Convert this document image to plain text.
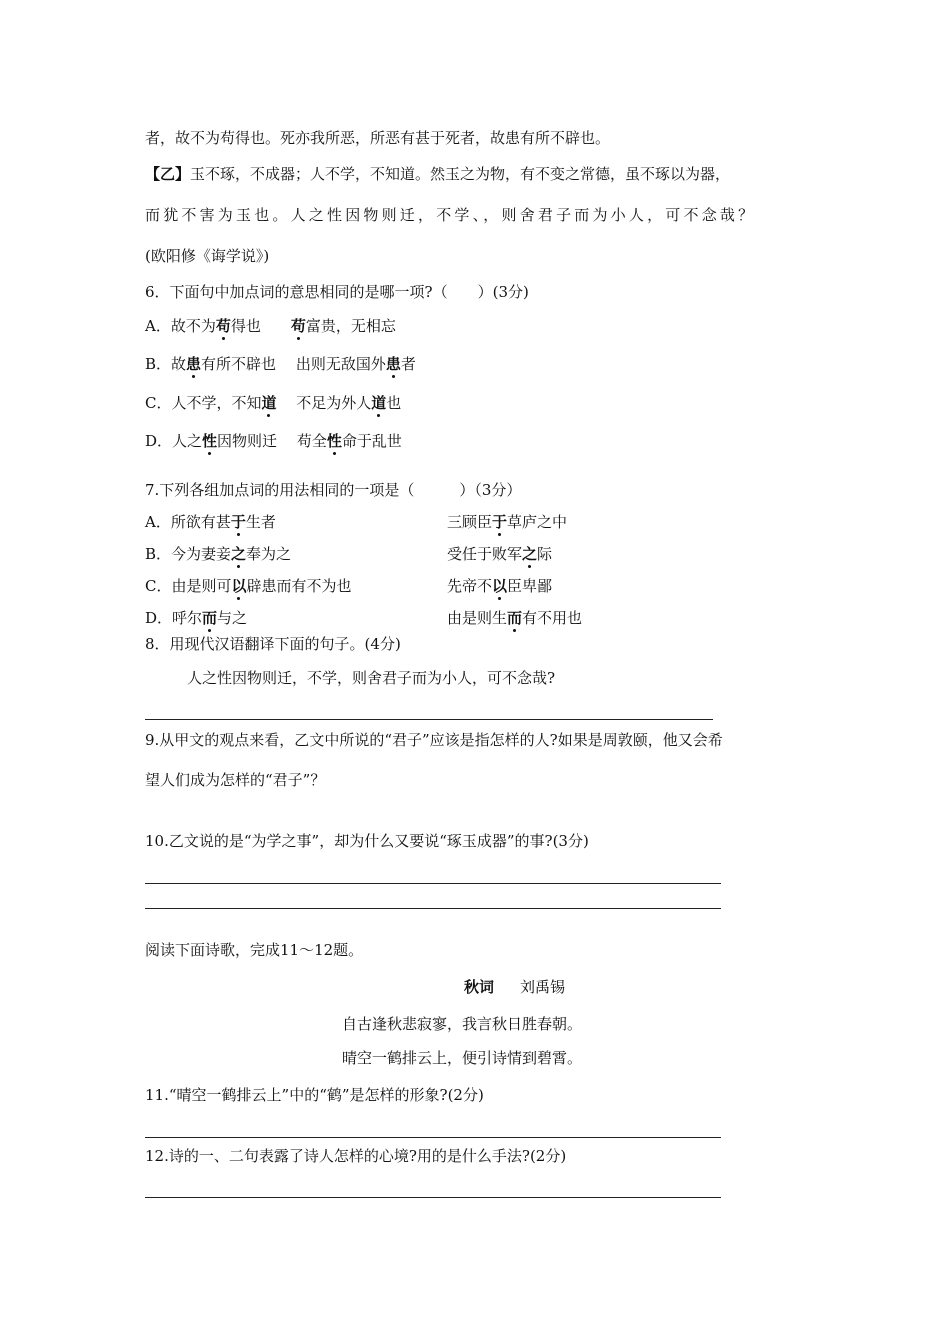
者，故不为苟得也。死亦我所恶，所恶有甚于死者，故患有所不辟也。
【乙】玉不琢，不成器；人不学，不知道。然玉之为物，有不变之常德，虽不琢以为器，
而犹不害为玉也。人之性因物则迁，不学、，则舍君子而为小人，可不念哉？
(欧阳修《诲学说》)
6．下面句中加点词的意思相同的是哪一项?（　　）(3分)
A．故不为苟得也　　苟富贵，无相忘
B．故患有所不辟也　 出则无敌国外患者
C．人不学，不知道　 不足为外人道也
D．人之性因物则迁　 苟全性命于乱世
7.下列各组加点词的用法相同的一项是（　　　）（3分）
A．所欲有甚于生者	三顾臣于草庐之中
B．今为妻妾之奉为之	受任于败军之际
C．由是则可以辟患而有不为也	先帝不以臣卑鄙
D．呼尔而与之	由是则生而有不用也
8．用现代汉语翻译下面的句子。(4分)
人之性因物则迁，不学，则舍君子而为小人，可不念哉?
9.从甲文的观点来看，乙文中所说的“君子”应该是指怎样的人?如果是周敦颐，他又会希
望人们成为怎样的“君子”？
10.乙文说的是“为学之事”，却为什么又要说“琢玉成器”的事?(3分)
阅读下面诗歌，完成11～12题。
秋词 刘禹锡
自古逢秋悲寂寥，我言秋日胜春朝。
晴空一鹤排云上，便引诗情到碧霄。
11.“晴空一鹤排云上”中的“鹤”是怎样的形象?(2分)
12.诗的一、二句表露了诗人怎样的心境?用的是什么手法?(2分)
